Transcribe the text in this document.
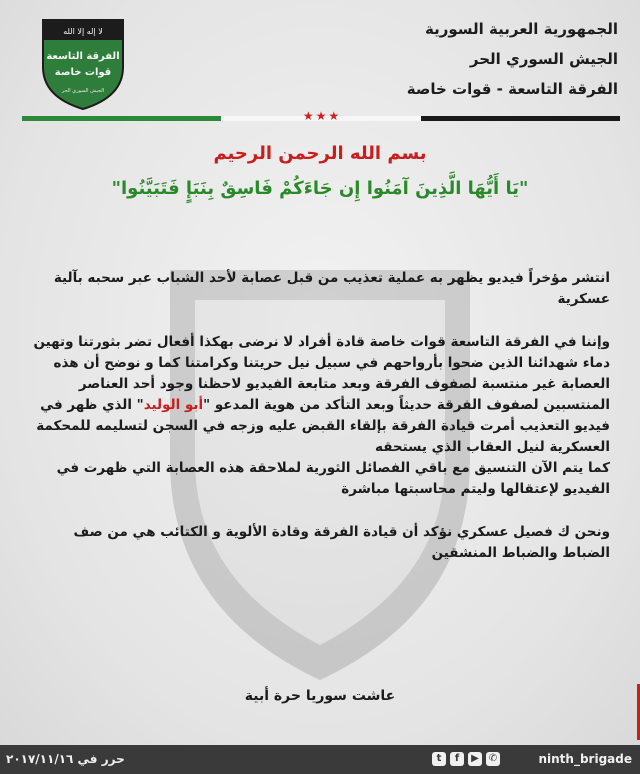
لا إله إلا الله
الفرقة التاسعة
قوات خاصة
الجيش السوري الحر
الجمهورية العربية السورية
الجيش السوري الحر
الفرقة التاسعة - قوات خاصة
★★★
بسم الله الرحمن الرحيم
"يَا أَيُّهَا الَّذِينَ آمَنُوا إِن جَاءَكُمْ فَاسِقٌ بِنَبَإٍ فَتَبَيَّنُوا"

انتشر مؤخراً فيديو يظهر به عملية تعذيب من قبل عصابة لأحد الشباب عبر سحبه بآلية عسكرية

وإننا في الفرقة التاسعة قوات خاصة قادة أفراد لا نرضى بهكذا أفعال تضر بثورتنا وتهين دماء شهدائنا الذين ضحوا بأرواحهم في سبيل نيل حريتنا وكرامتنا كما و نوضح أن هذه العصابة غير منتسبة لصفوف الفرقة وبعد متابعة الفيديو لاحظنا وجود أحد العناصر المنتسبين لصفوف الفرقة حديثاً وبعد التأكد من هوية المدعو "أبو الوليد" الذي ظهر في فيديو التعذيب أمرت قيادة الفرقة بإلقاء القبض عليه وزجه في السجن لتسليمه للمحكمة العسكرية لنيل العقاب الذي يستحقه

كما يتم الآن التنسيق مع باقي الفصائل الثورية لملاحقة هذه العصابة التي ظهرت في الفيديو لإعتقالها وليتم محاسبتها مباشرة

ونحن ك فصيل عسكري نؤكد أن قيادة الفرقة وقادة الألوية و الكتائب هي من صف الضباط والضباط المنشقين

عاشت سوريا حرة أبية
حرر في ٢٠١٧/١١/١٦	t	f	▶ ✆	ninth_brigade
